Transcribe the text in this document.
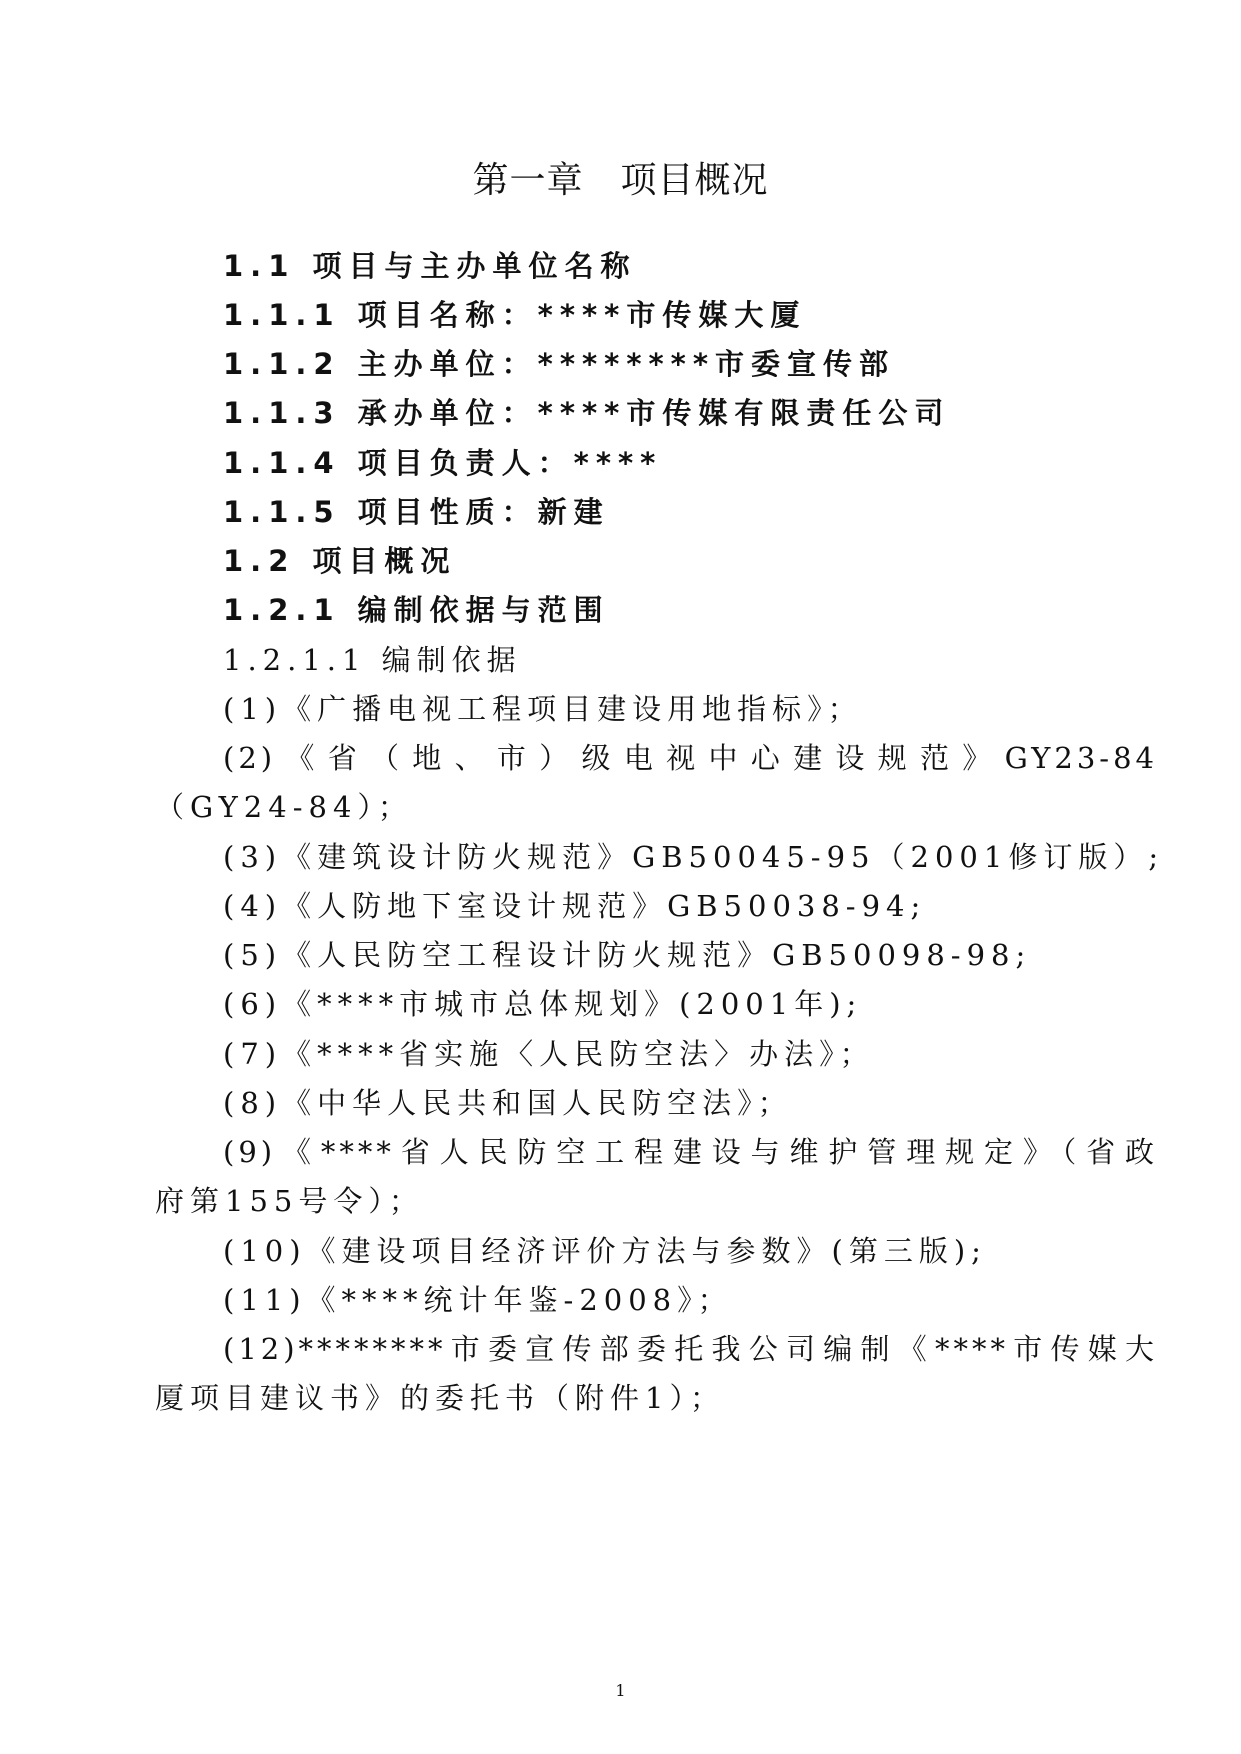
第一章　项目概况
1.1 项目与主办单位名称
1.1.1 项目名称：****市传媒大厦
1.1.2 主办单位：********市委宣传部
1.1.3 承办单位：****市传媒有限责任公司
1.1.4 项目负责人：****
1.1.5 项目性质：新建
1.2 项目概况
1.2.1 编制依据与范围
1.2.1.1 编制依据
(1)《广播电视工程项目建设用地指标》；
(2)《省（地、市）级电视中心建设规范》GY23-84
（GY24-84）；
(3)《建筑设计防火规范》GB50045-95（2001修订版）;
(4)《人防地下室设计规范》GB50038-94;
(5)《人民防空工程设计防火规范》GB50098-98;
(6)《****市城市总体规划》(2001年);
(7)《****省实施〈人民防空法〉办法》；
(8)《中华人民共和国人民防空法》；
(9)《****省人民防空工程建设与维护管理规定》（省政
府第155号令）；
(10)《建设项目经济评价方法与参数》(第三版);
(11)《****统计年鉴-2008》；
(12)********市委宣传部委托我公司编制《****市传媒大
厦项目建议书》的委托书（附件1）；
1
